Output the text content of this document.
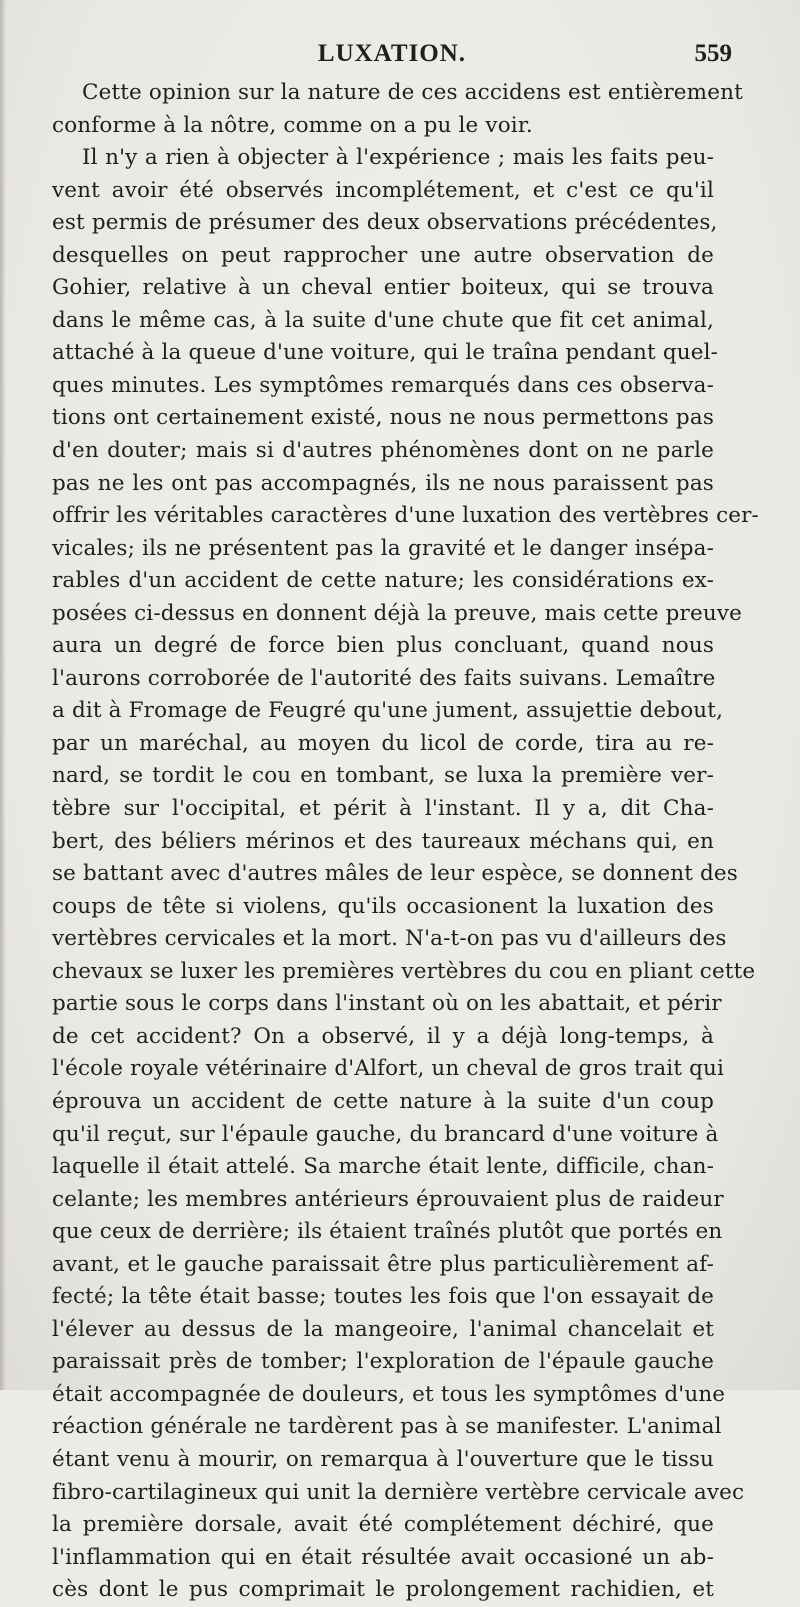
LUXATION.	559
Cette opinion sur la nature de ces accidens est entièrement
conforme à la nôtre, comme on a pu le voir.
Il n'y a rien à objecter à l'expérience ; mais les faits peu-
vent avoir été observés incomplétement, et c'est ce qu'il
est permis de présumer des deux observations précédentes,
desquelles on peut rapprocher une autre observation de
Gohier, relative à un cheval entier boiteux, qui se trouva
dans le même cas, à la suite d'une chute que fit cet animal,
attaché à la queue d'une voiture, qui le traîna pendant quel-
ques minutes. Les symptômes remarqués dans ces observa-
tions ont certainement existé, nous ne nous permettons pas
d'en douter; mais si d'autres phénomènes dont on ne parle
pas ne les ont pas accompagnés, ils ne nous paraissent pas
offrir les véritables caractères d'une luxation des vertèbres cer-
vicales; ils ne présentent pas la gravité et le danger insépa-
rables d'un accident de cette nature; les considérations ex-
posées ci-dessus en donnent déjà la preuve, mais cette preuve
aura un degré de force bien plus concluant, quand nous
l'aurons corroborée de l'autorité des faits suivans. Lemaître
a dit à Fromage de Feugré qu'une jument, assujettie debout,
par un maréchal, au moyen du licol de corde, tira au re-
nard, se tordit le cou en tombant, se luxa la première ver-
tèbre sur l'occipital, et périt à l'instant. Il y a, dit Cha-
bert, des béliers mérinos et des taureaux méchans qui, en
se battant avec d'autres mâles de leur espèce, se donnent des
coups de tête si violens, qu'ils occasionent la luxation des
vertèbres cervicales et la mort. N'a-t-on pas vu d'ailleurs des
chevaux se luxer les premières vertèbres du cou en pliant cette
partie sous le corps dans l'instant où on les abattait, et périr
de cet accident? On a observé, il y a déjà long-temps, à
l'école royale vétérinaire d'Alfort, un cheval de gros trait qui
éprouva un accident de cette nature à la suite d'un coup
qu'il reçut, sur l'épaule gauche, du brancard d'une voiture à
laquelle il était attelé. Sa marche était lente, difficile, chan-
celante; les membres antérieurs éprouvaient plus de raideur
que ceux de derrière; ils étaient traînés plutôt que portés en
avant, et le gauche paraissait être plus particulièrement af-
fecté; la tête était basse; toutes les fois que l'on essayait de
l'élever au dessus de la mangeoire, l'animal chancelait et
paraissait près de tomber; l'exploration de l'épaule gauche
était accompagnée de douleurs, et tous les symptômes d'une
réaction générale ne tardèrent pas à se manifester. L'animal
étant venu à mourir, on remarqua à l'ouverture que le tissu
fibro-cartilagineux qui unit la dernière vertèbre cervicale avec
la première dorsale, avait été complétement déchiré, que
l'inflammation qui en était résultée avait occasioné un ab-
cès dont le pus comprimait le prolongement rachidien, et
